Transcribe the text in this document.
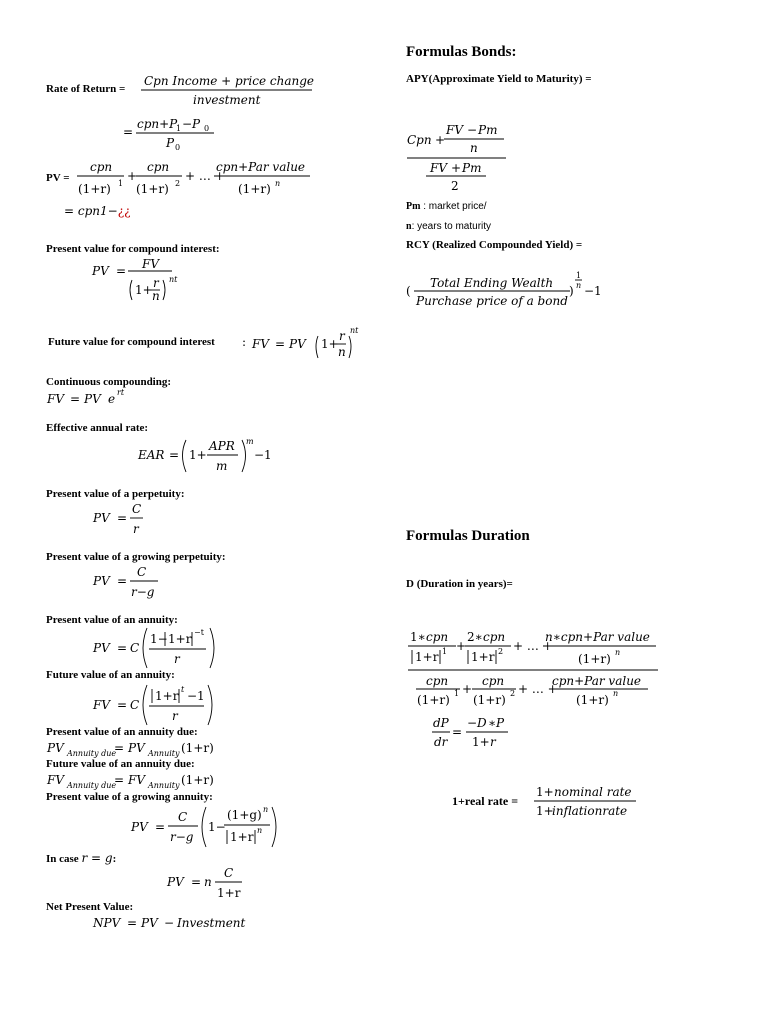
Rate of Return =
Cpn Income + price change
investment
=
cpn+P
1 −P 0
P 0
PV =
cpn
(1+r) 1
+
cpn
(1+r) 2
+ … +
cpn+Par value
(1+r) n
= cpn1−¿¿
Present value for compound interest:
PV = FV
1+ r
n
nt
Future value for compound interest : FV = PV 1+
r
n
nt
Continuous compounding:
FV = PV e rt
Effective annual rate:
EAR = 1+
APR
m
m
−1
Present value of a perpetuity:
PV =
C
r
Present value of a growing perpetuity:
PV =
C
r−g
Present value of an annuity:
PV = C
1− 1+r −t
r
Future value of an annuity:
FV = C
1+r t −1
r
Present value of an annuity due:
PV Annuity due
= PV Annuity (1+r)
Future value of an annuity due:
FV Annuity due
= FV Annuity (1+r)
Present value of a growing annuity:
PV =
C
r−g
1−
(1+g) n
1+r n
In case r = g:
PV = n
C
1+r
Net Present Value:
NPV = PV − Investment
Formulas Bonds:
APY(Approximate Yield to Maturity) =
Cpn +
FV − Pm
n
FV + Pm
2
Pm : market price/
n: years to maturity
RCY (Realized Compounded Yield) =
(
Total Ending Wealth
Purchase price of a bond
)
1
n −1
Formulas Duration
D (Duration in years)=
1∗ cpn
1+r 1 +
2∗ cpn
1+r 2 + … +
n∗cpn+Par value
(1+r) n
cpn
(1+r) 1 +
cpn
(1+r) 2 + … +
cpn+Par value
(1+r) n
dP
dr
=
− D ∗ P
1+ r
1+real rate =
1+ nominal rate
1+
inflationrate
